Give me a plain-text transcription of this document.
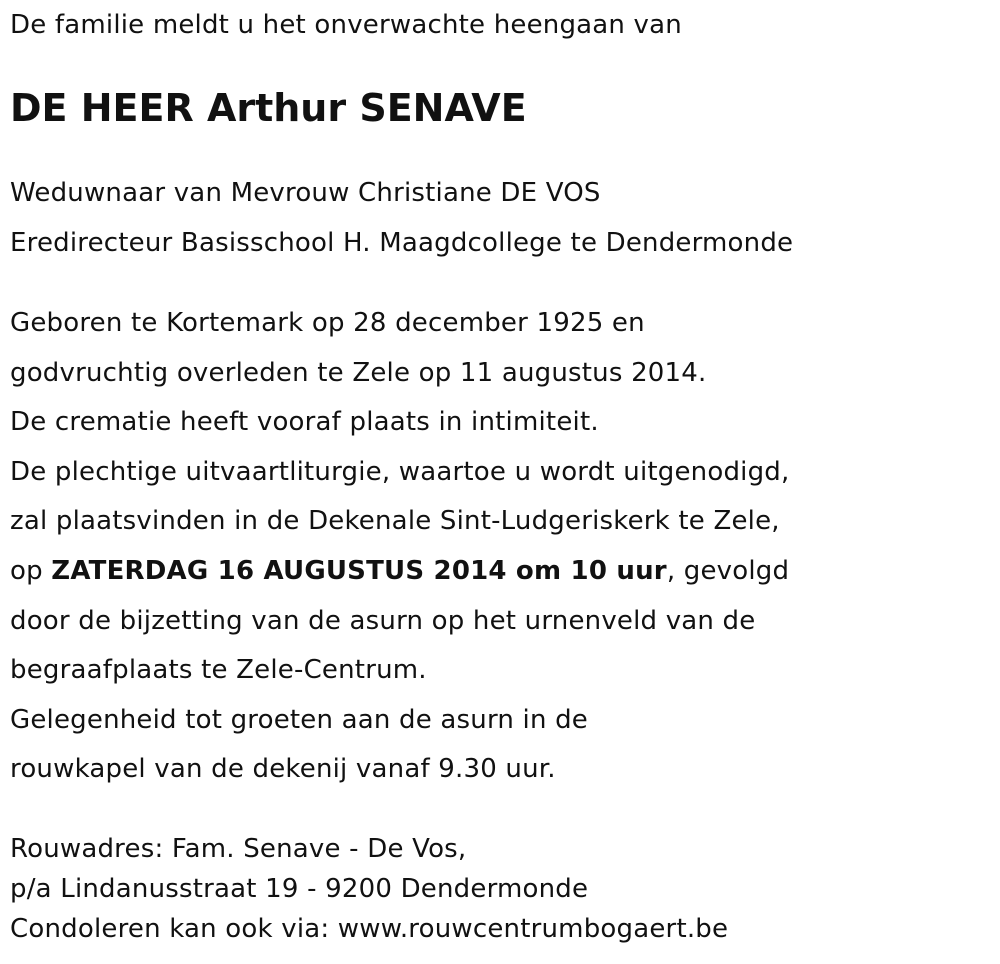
De familie meldt u het onverwachte heengaan van
DE HEER Arthur SENAVE
Weduwnaar van Mevrouw Christiane DE VOS
Eredirecteur Basisschool H. Maagdcollege te Dendermonde
Geboren te Kortemark op 28 december 1925 en
godvruchtig overleden te Zele op 11 augustus 2014.
De crematie heeft vooraf plaats in intimiteit.
De plechtige uitvaartliturgie, waartoe u wordt uitgenodigd,
zal plaatsvinden in de Dekenale Sint-Ludgeriskerk te Zele,
op ZATERDAG 16 AUGUSTUS 2014 om 10 uur, gevolgd
door de bijzetting van de asurn op het urnenveld van de
begraafplaats te Zele-Centrum.
Gelegenheid tot groeten aan de asurn in de
rouwkapel van de dekenij vanaf 9.30 uur.
Rouwadres: Fam. Senave - De Vos,
p/a Lindanusstraat 19 - 9200 Dendermonde
Condoleren kan ook via: www.rouwcentrumbogaert.be
